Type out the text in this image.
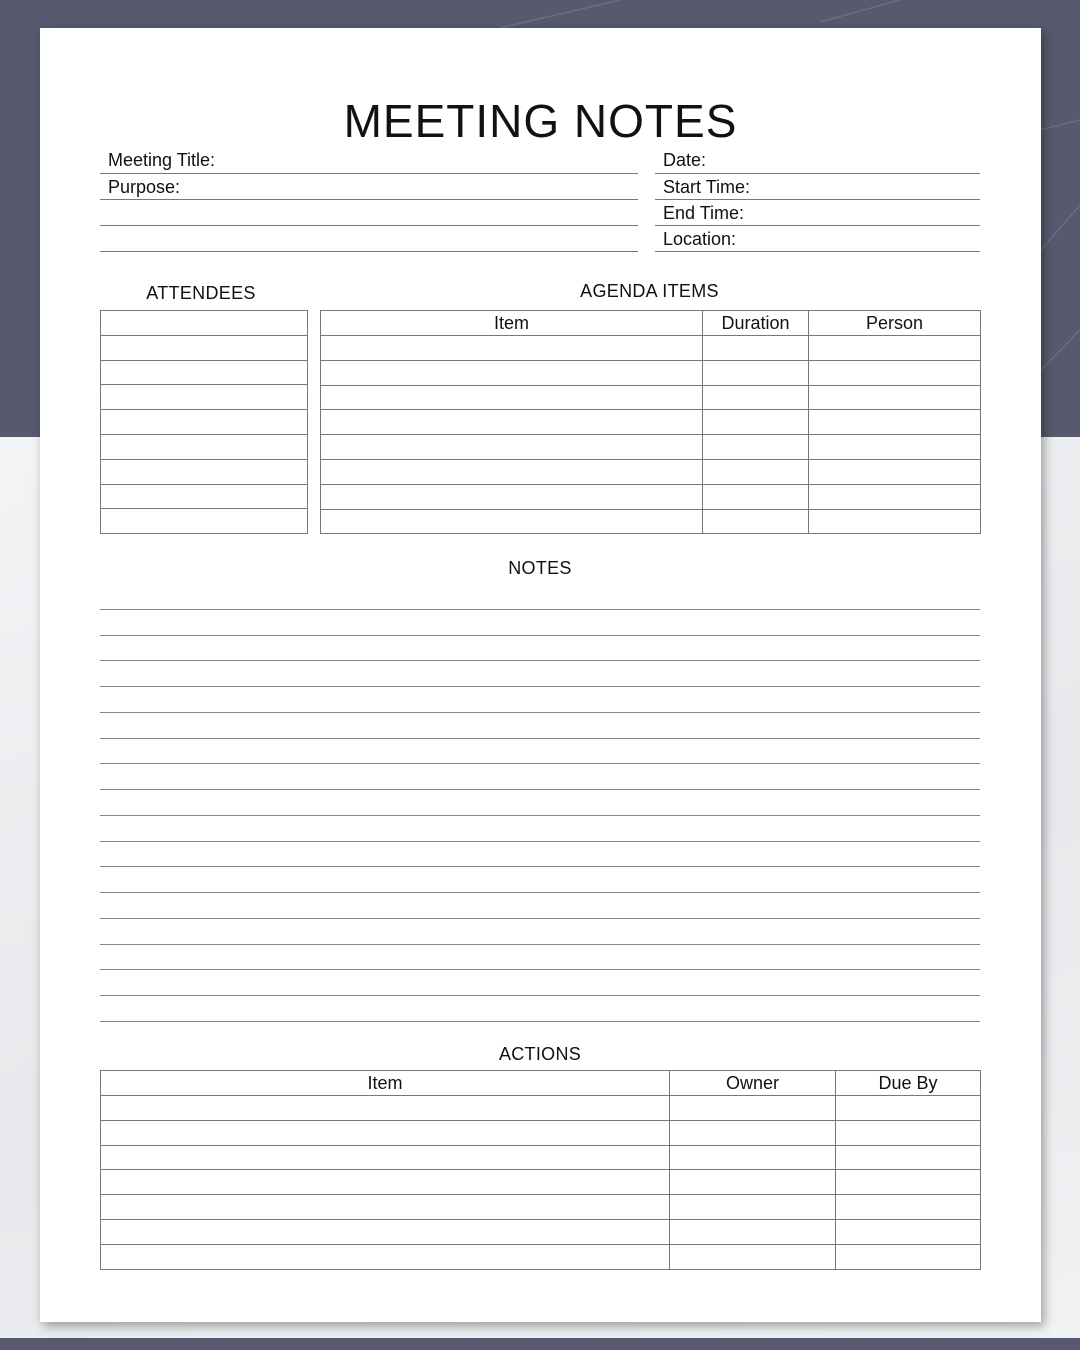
MEETING NOTES
Meeting Title:
Purpose:
Date:
Start Time:
End Time:
Location:
ATTENDEES	AGENDA ITEMS

Item	Duration	Person

NOTES
ACTIONS
Item	Owner	Due By
